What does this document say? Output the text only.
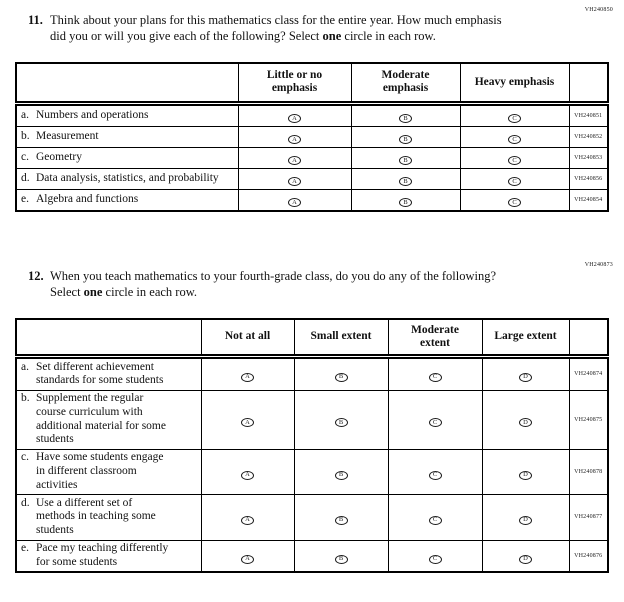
VH240850
11. Think about your plans for this mathematics class for the entire year. How much emphasis did you or will you give each of the following? Select one circle in each row.
	Little or no emphasis	Moderate emphasis	Heavy emphasis	

a. Numbers and operations	A	B	C	VH240851

b. Measurement	A	B	C	VH240852

c. Geometry	A	B	C	VH240853

d. Data analysis, statistics, and probability	A	B	C	VH240856

e. Algebra and functions	A	B	C	VH240854
VH240873
12. When you teach mathematics to your fourth-grade class, do you do any of the following? Select one circle in each row.
	Not at all	Small extent	Moderate extent	Large extent	

a. Set different achievement standards for some students	A	B	C	D	VH240874

b. Supplement the regular course curriculum with additional material for some students	A	B	C	D	VH240875

c. Have some students engage in different classroom activities	A	B	C	D	VH240878

d. Use a different set of methods in teaching some students	A	B	C	D	VH240877

e. Pace my teaching differently for some students	A	B	C	D	VH240876
